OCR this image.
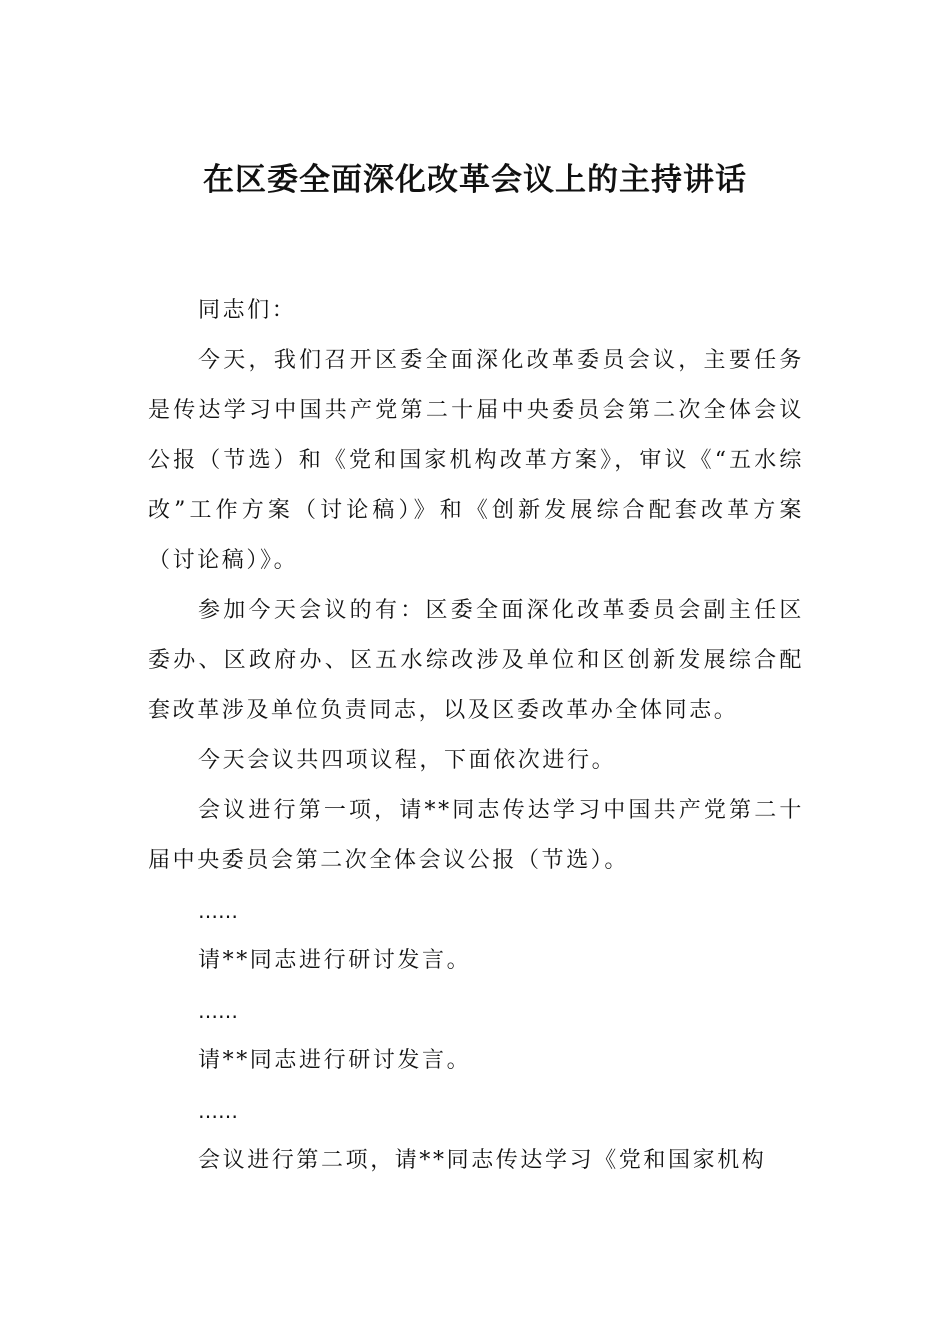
在区委全面深化改革会议上的主持讲话

同志们：

今天，我们召开区委全面深化改革委员会议，主要任务是传达学习中国共产党第二十届中央委员会第二次全体会议公报（节选）和《党和国家机构改革方案》，审议《“五水综改”工作方案（讨论稿）》和《创新发展综合配套改革方案（讨论稿）》。

参加今天会议的有：区委全面深化改革委员会副主任区委办、区政府办、区五水综改涉及单位和区创新发展综合配套改革涉及单位负责同志，以及区委改革办全体同志。

今天会议共四项议程，下面依次进行。

会议进行第一项，请**同志传达学习中国共产党第二十届中央委员会第二次全体会议公报（节选）。

……

请**同志进行研讨发言。

……

请**同志进行研讨发言。

……

会议进行第二项，请**同志传达学习《党和国家机构
